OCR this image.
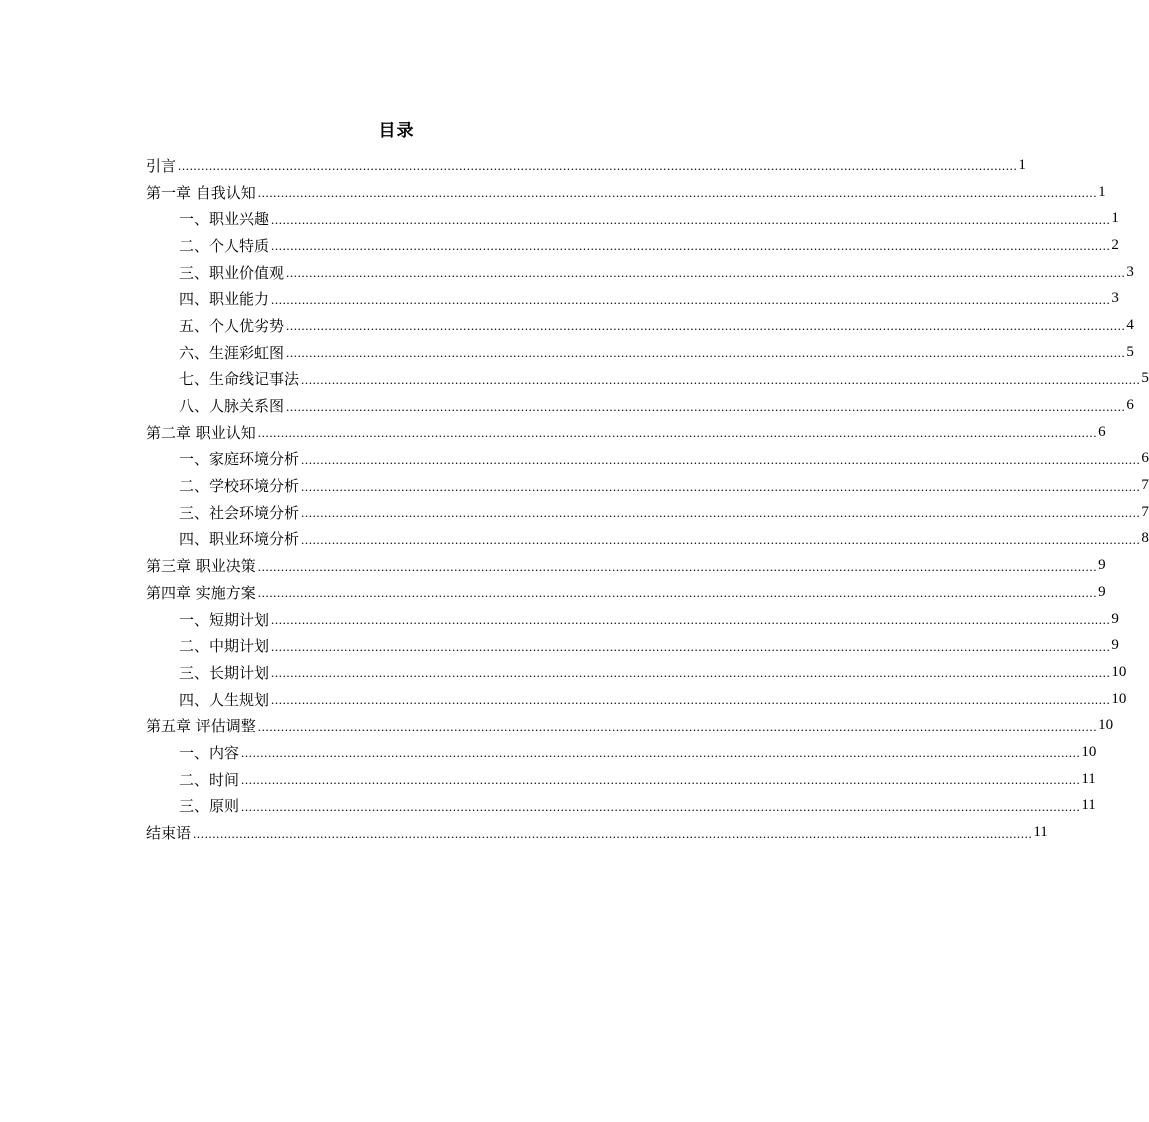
目录
引言 .......................................................................................................................................................................................................................... 1
第一章 自我认知 .......................................................................................................................................................................................................................... 1
一、职业兴趣 .......................................................................................................................................................................................................................... 1
二、个人特质 .......................................................................................................................................................................................................................... 2
三、职业价值观 .......................................................................................................................................................................................................................... 3
四、职业能力 .......................................................................................................................................................................................................................... 3
五、个人优劣势 .......................................................................................................................................................................................................................... 4
六、生涯彩虹图 .......................................................................................................................................................................................................................... 5
七、生命线记事法 .......................................................................................................................................................................................................................... 5
八、人脉关系图 .......................................................................................................................................................................................................................... 6
第二章 职业认知 .......................................................................................................................................................................................................................... 6
一、家庭环境分析 .......................................................................................................................................................................................................................... 6
二、学校环境分析 .......................................................................................................................................................................................................................... 7
三、社会环境分析 .......................................................................................................................................................................................................................... 7
四、职业环境分析 .......................................................................................................................................................................................................................... 8
第三章 职业决策 .......................................................................................................................................................................................................................... 9
第四章 实施方案 .......................................................................................................................................................................................................................... 9
一、短期计划 .......................................................................................................................................................................................................................... 9
二、中期计划 .......................................................................................................................................................................................................................... 9
三、长期计划 .......................................................................................................................................................................................................................... 10
四、人生规划 .......................................................................................................................................................................................................................... 10
第五章 评估调整 .......................................................................................................................................................................................................................... 10
一、内容 .......................................................................................................................................................................................................................... 10
二、时间 .......................................................................................................................................................................................................................... 11
三、原则 .......................................................................................................................................................................................................................... 11
结束语 .......................................................................................................................................................................................................................... 11
